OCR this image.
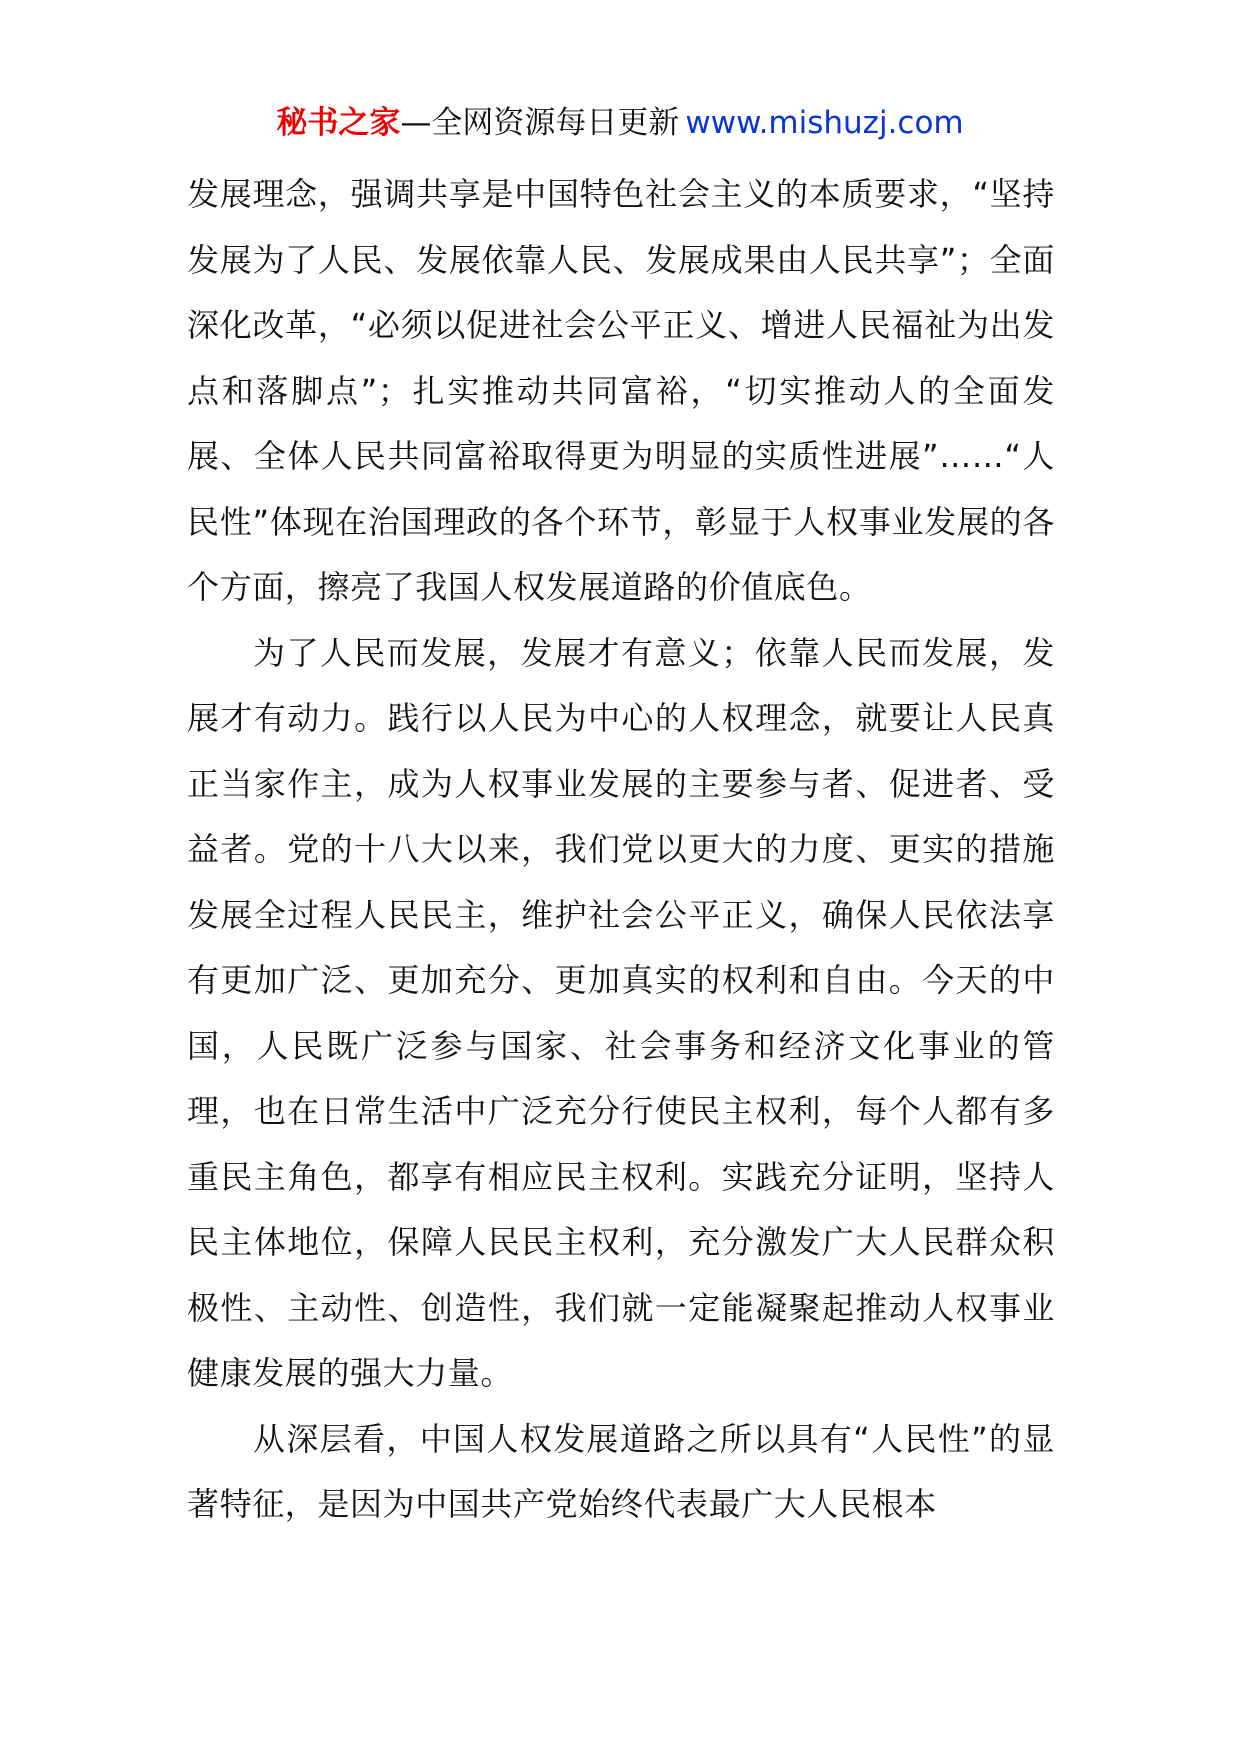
秘书之家—全网资源每日更新 www.mishuzj.com

发展理念，强调共享是中国特色社会主义的本质要求，“坚持发展为了人民、发展依靠人民、发展成果由人民共享”；全面深化改革，“必须以促进社会公平正义、增进人民福祉为出发点和落脚点”；扎实推动共同富裕，“切实推动人的全面发展、全体人民共同富裕取得更为明显的实质性进展”……“人民性”体现在治国理政的各个环节，彰显于人权事业发展的各个方面，擦亮了我国人权发展道路的价值底色。

为了人民而发展，发展才有意义；依靠人民而发展，发展才有动力。践行以人民为中心的人权理念，就要让人民真正当家作主，成为人权事业发展的主要参与者、促进者、受益者。党的十八大以来，我们党以更大的力度、更实的措施发展全过程人民民主，维护社会公平正义，确保人民依法享有更加广泛、更加充分、更加真实的权利和自由。今天的中国，人民既广泛参与国家、社会事务和经济文化事业的管理，也在日常生活中广泛充分行使民主权利，每个人都有多重民主角色，都享有相应民主权利。实践充分证明，坚持人民主体地位，保障人民民主权利，充分激发广大人民群众积极性、主动性、创造性，我们就一定能凝聚起推动人权事业健康发展的强大力量。

从深层看，中国人权发展道路之所以具有“人民性”的显著特征，是因为中国共产党始终代表最广大人民根本
